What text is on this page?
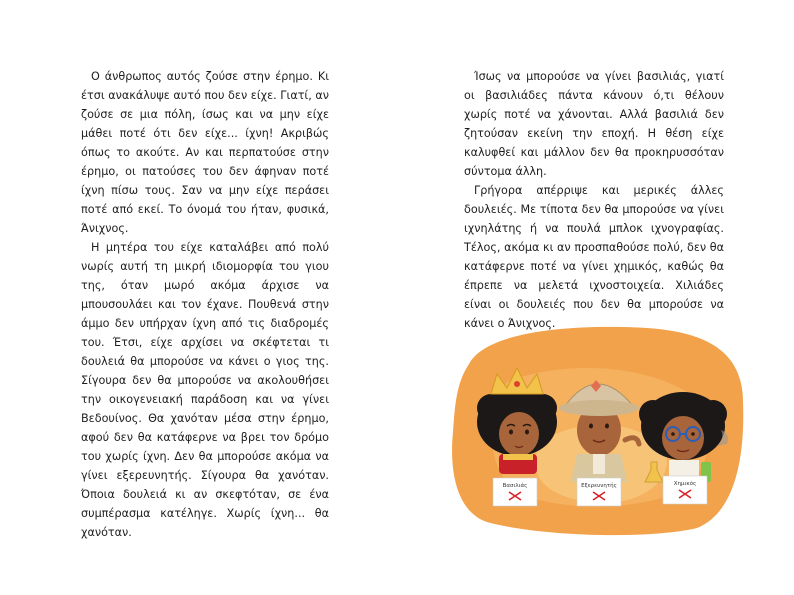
Ο άνθρωπος αυτός ζούσε στην έρημο. Κι έτσι ανακάλυψε αυτό που δεν είχε. Γιατί, αν ζούσε σε μια πόλη, ίσως και να μην είχε μάθει ποτέ ότι δεν είχε... ίχνη! Ακριβώς όπως το ακούτε. Αν και περπατούσε στην έρημο, οι πατούσες του δεν άφηναν ποτέ ίχνη πίσω τους. Σαν να μην είχε περάσει ποτέ από εκεί. Το όνομά του ήταν, φυσικά, Άνιχνος.

Η μητέρα του είχε καταλάβει από πολύ νωρίς αυτή τη μικρή ιδιομορφία του γιου της, όταν μωρό ακόμα άρχισε να μπουσουλάει και τον έχανε. Πουθενά στην άμμο δεν υπήρχαν ίχνη από τις διαδρομές του. Έτσι, είχε αρχίσει να σκέφτεται τι δουλειά θα μπορούσε να κάνει ο γιος της. Σίγουρα δεν θα μπορούσε να ακολουθήσει την οικογενειακή παράδοση και να γίνει Βεδουίνος. Θα χανόταν μέσα στην έρημο, αφού δεν θα κατάφερνε να βρει τον δρόμο του χωρίς ίχνη. Δεν θα μπορούσε ακόμα να γίνει εξερευνητής. Σίγουρα θα χανόταν. Όποια δουλειά κι αν σκεφτόταν, σε ένα συμπέρασμα κατέληγε. Χωρίς ίχνη... θα χανόταν.

Ίσως να μπορούσε να γίνει βασιλιάς, γιατί οι βασιλιάδες πάντα κάνουν ό,τι θέλουν χωρίς ποτέ να χάνονται. Αλλά βασιλιά δεν ζητούσαν εκείνη την εποχή. Η θέση είχε καλυφθεί και μάλλον δεν θα προκηρυσσόταν σύντομα άλλη.

Γρήγορα απέρριψε και μερικές άλλες δουλειές. Με τίποτα δεν θα μπορούσε να γίνει ιχνηλάτης ή να πουλά μπλοκ ιχνογραφίας. Τέλος, ακόμα κι αν προσπαθούσε πολύ, δεν θα κατάφερνε ποτέ να γίνει χημικός, καθώς θα έπρεπε να μελετά ιχνοστοιχεία. Χιλιάδες είναι οι δουλειές που δεν θα μπορούσε να κάνει ο Άνιχνος.

Βασιλιάς	Εξερευνητής	Χημικός
